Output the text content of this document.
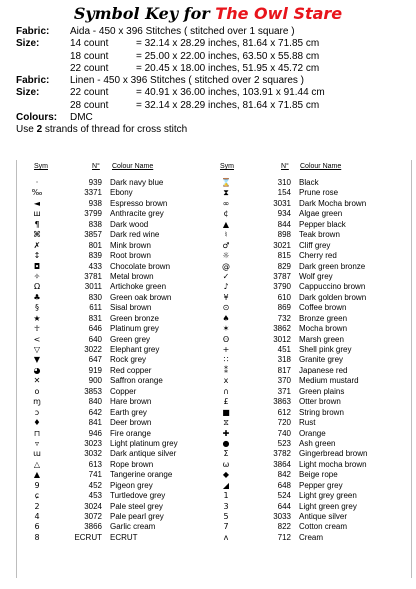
Symbol Key for The Owl Stare
Fabric:	Aida - 450 x 396 Stitches ( stitched over 1 square )
Size:	14 count	= 32.14 x 28.29 inches, 81.64 x 71.85 cm
18 count	= 25.00 x 22.00 inches, 63.50 x 55.88 cm
22 count	= 20.45 x 18.00 inches, 51.95 x 45.72 cm
Fabric:	Linen - 450 x 396 Stitches ( stitched over 2 squares )
Size:	22 count	= 40.91 x 36.00 inches, 103.91 x 91.44 cm
28 count	= 32.14 x 28.29 inches, 81.64 x 71.85 cm
Colours:	DMC
Use 2 strands of thread for cross stitch
Sym	N° Colour Name	Sym	N° Colour Name
·	939	Dark navy blue
‰	3371	Ebony
◄	938	Espresso brown
ш	3799	Anthracite grey
¶	838	Dark wood
⌘	3857	Dark red wine
✗	801	Mink brown
↕	839	Root brown
◘	433	Chocolate brown
✧	3781	Metal brown
Ω	3011	Artichoke green
♣	830	Green oak brown
§	611	Sisal brown
★	831	Green bronze
☥	646	Platinum grey
<	640	Green grey
▽	3022	Elephant grey
▼	647	Rock grey
◕	919	Red copper
✕	900	Saffron orange
o	3853	Copper
ɱ	840	Hare brown
ɔ	642	Earth grey
♦	841	Deer brown
⊓	946	Fire orange
▿	3023	Light platinum grey
ա	3032	Dark antique silver
△	613	Rope brown
▲	741	Tangerine orange
9	452	Pigeon grey
ɕ	453	Turtledove grey
2	3024	Pale steel grey
4	3072	Pale pearl grey
6	3866	Garlic cream
8	ECRUT	ECRUT
⌛	310	Black
⧗	154	Prune rose
∞	3031	Dark Mocha brown
¢	934	Algae green
▲	844	Pepper black
♮	898	Teak brown
♂	3021	Cliff grey
☼	815	Cherry red
@	829	Dark green bronze
✓	3787	Wolf grey
♪	3790	Cappuccino brown
¥	610	Dark golden brown
⊙	869	Coffee brown
♠	732	Bronze green
✶	3862	Mocha brown
ʘ	3012	Marsh green
+	451	Shell pink grey
∷	318	Granite grey
⁑	817	Japanese red
x	370	Medium mustard
∩	371	Green plains
£	3863	Otter brown
■	612	String brown
⧖	720	Rust
✚	740	Orange
●	523	Ash green
Σ	3782	Gingerbread brown
ω	3864	Light mocha brown
◆	842	Beige rope
◢	648	Pepper grey
1	524	Light grey green
3	644	Light green grey
5	3033	Antique silver
7	822	Cotton cream
ʌ	712	Cream
